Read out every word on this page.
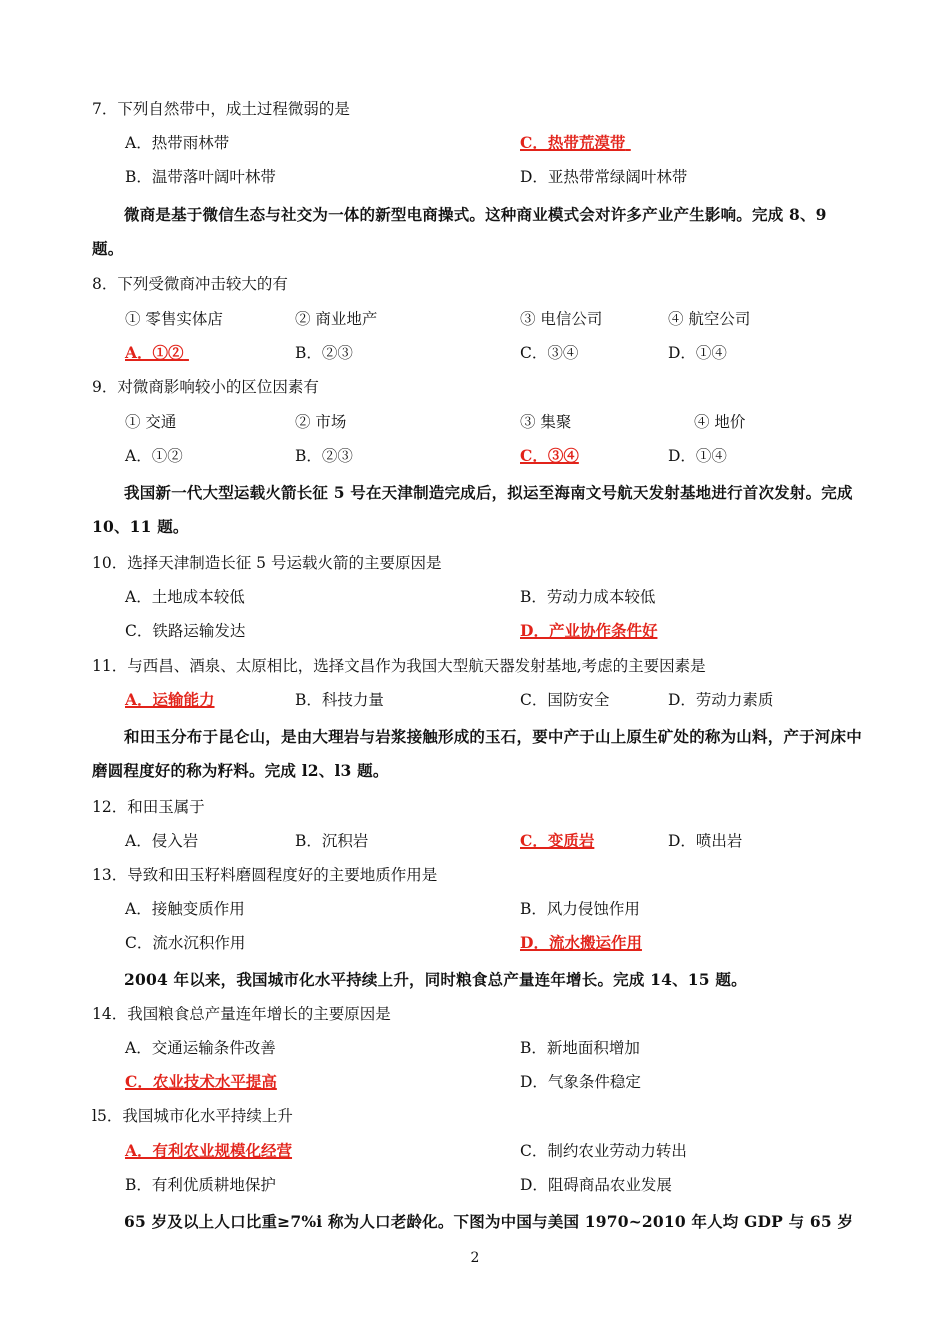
7．下列自然带中，成土过程微弱的是
A．热带雨林带	C．热带荒漠带
B．温带落叶阔叶林带	D．亚热带常绿阔叶林带
微商是基于微信生态与社交为一体的新型电商操式。这种商业模式会对许多产业产生影响。完成 8、9 题。
8．下列受微商冲击较大的有
① 零售实体店	② 商业地产	③ 电信公司	④ 航空公司
A．①②	B．②③	C．③④	D．①④
9．对微商影响较小的区位因素有
① 交通	② 市场	③ 集聚	④ 地价
A．①②	B．②③	C．③④	D．①④
我国新一代大型运载火箭长征 5 号在天津制造完成后，拟运至海南文号航天发射基地进行首次发射。完成 10、11 题。
10．选择天津制造长征 5 号运载火箭的主要原因是
A．土地成本较低	B．劳动力成本较低
C．铁路运输发达	D．产业协作条件好
11．与西昌、酒泉、太原相比，选择文昌作为我国大型航天器发射基地,考虑的主要因素是
A．运输能力	B．科技力量	C．国防安全	D．劳动力素质
和田玉分布于昆仑山，是由大理岩与岩浆接触形成的玉石，要中产于山上原生矿处的称为山料，产于河床中磨圆程度好的称为籽料。完成 l2、l3 题。
12．和田玉属于
A．侵入岩	B．沉积岩	C．变质岩	D．喷出岩
13．导致和田玉籽料磨圆程度好的主要地质作用是
A．接触变质作用	B．风力侵蚀作用
C．流水沉积作用	D．流水搬运作用
2004 年以来，我国城市化水平持续上升，同时粮食总产量连年增长。完成 14、15 题。
14．我国粮食总产量连年增长的主要原因是
A．交通运输条件改善	B．新地面积增加
C．农业技术水平提高	D．气象条件稳定
l5．我国城市化水平持续上升
A．有利农业规模化经营	C．制约农业劳动力转出
B．有利优质耕地保护	D．阻碍商品农业发展
65 岁及以上人口比重≥7%i 称为人口老龄化。下图为中国与美国 1970~2010 年人均 GDP 与 65 岁
2
